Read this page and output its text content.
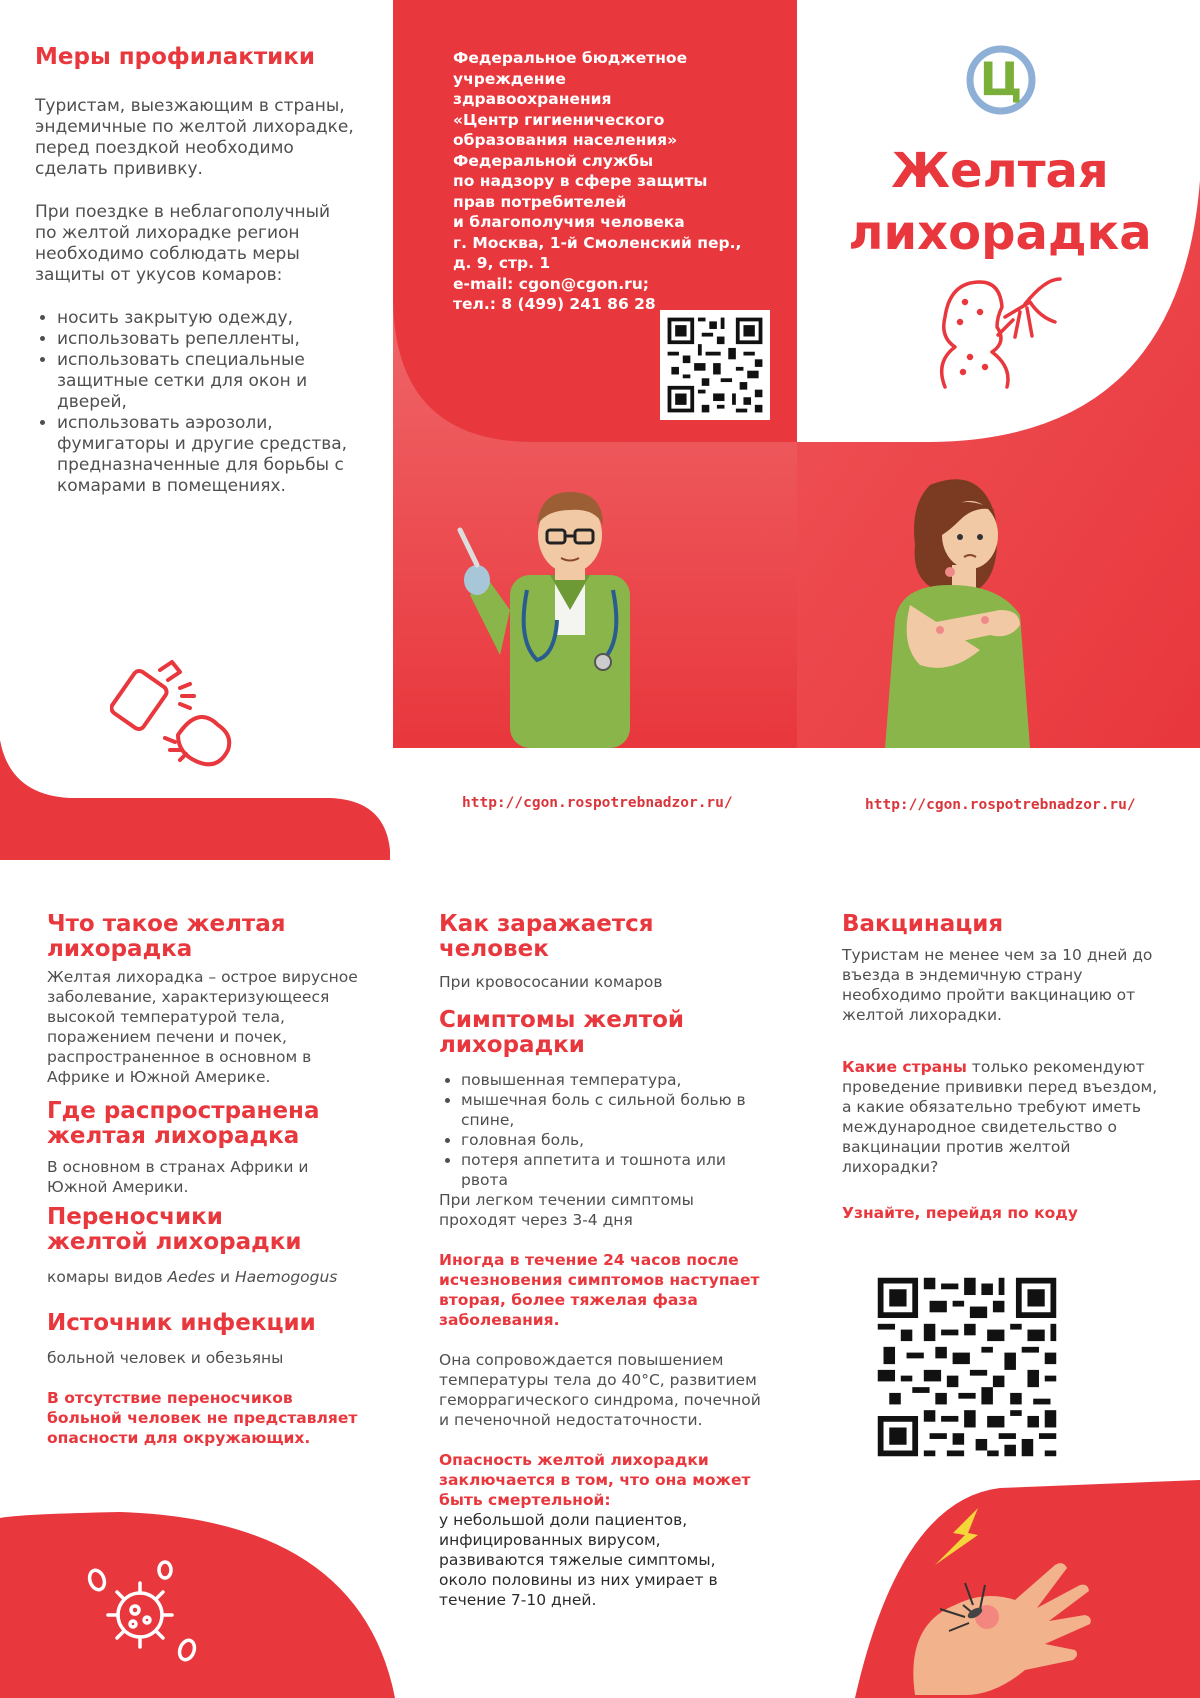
Меры профилактики

Туристам, выезжающим в страны, эндемичные по желтой лихорадке, перед поездкой необходимо сделать прививку.

При поездке в неблагополучный по желтой лихорадке регион необходимо соблюдать меры защиты от укусов комаров:

• носить закрытую одежду,
• использовать репелленты,
• использовать специальные защитные сетки для окон и дверей,
• использовать аэрозоли, фумигаторы и другие средства, предназначенные для борьбы с комарами в помещениях.
Федеральное бюджетное
учреждение
здравоохранения
«Центр гигиенического
образования населения»
Федеральной службы
по надзору в сфере защиты
прав потребителей
и благополучия человека
г. Москва, 1-й Смоленский пер.,
д. 9, стр. 1
e-mail: cgon@cgon.ru;
тел.: 8 (499) 241 86 28
http://cgon.rospotrebnadzor.ru/
Ц
Желтая
лихорадка
http://cgon.rospotrebnadzor.ru/
Что такое желтая лихорадка

Желтая лихорадка – острое вирусное заболевание, характеризующееся высокой температурой тела, поражением печени и почек, распространенное в основном в Африке и Южной Америке.

Где распространена желтая лихорадка

В основном в странах Африки и Южной Америки.

Переносчики желтой лихорадки

комары видов Aedes и Haemogogus

Источник инфекции

больной человек и обезьяны

В отсутствие переносчиков больной человек не представляет опасности для окружающих.

Как заражается человек

При кровососании комаров

Симптомы желтой лихорадки
• повышенная температура,
• мышечная боль с сильной болью в спине,
• головная боль,
• потеря аппетита и тошнота или рвота

При легком течении симптомы проходят через 3-4 дня

Иногда в течение 24 часов после исчезновения симптомов наступает вторая, более тяжелая фаза заболевания.

Она сопровождается повышением температуры тела до 40°С, развитием геморрагического синдрома, почечной и печеночной недостаточности.

Опасность желтой лихорадки заключается в том, что она может быть смертельной:

у небольшой доли пациентов, инфицированных вирусом, развиваются тяжелые симптомы, около половины из них умирает в течение 7-10 дней.

Вакцинация

Туристам не менее чем за 10 дней до въезда в эндемичную страну необходимо пройти вакцинацию от желтой лихорадки.

Какие страны только рекомендуют проведение прививки перед въездом, а какие обязательно требуют иметь международное свидетельство о вакцинации против желтой лихорадки?

Узнайте, перейдя по коду
